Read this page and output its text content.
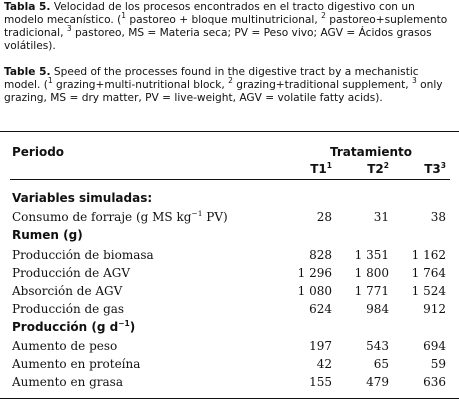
Tabla 5. Velocidad de los procesos encontrados en el tracto digestivo con un modelo mecanístico. ($^1$ pastoreo + bloque multinutricional, $^2$ pastoreo+suplemento tradicional, $^3$ pastoreo, MS = Materia seca; PV = Peso vivo; AGV = Ácidos grasos volátiles).
Table 5. Speed of the processes found in the digestive tract by a mechanistic model. ($^1$ grazing+multi-nutritional block, $^2$ grazing+traditional supplement, $^3$ only grazing, MS = dry matter, PV = live-weight, AGV = volatile fatty acids).
Periodo	Tratamiento
$T1^1$	$T2^2$	$T3^3$
Variables simuladas:
Consumo de forraje (g MS $kg^{-1}$ PV)	28	31	38
Rumen (g)
Producción de biomasa	828	1 351	1 162
Producción de AGV	1 296	1 800	1 764
Absorción de AGV	1 080	1 771	1 524
Producción de gas	624	984	912
Producción (g $d^{-1}$)
Aumento de peso	197	543	694
Aumento en proteína	42	65	59
Aumento en grasa	155	479	636
